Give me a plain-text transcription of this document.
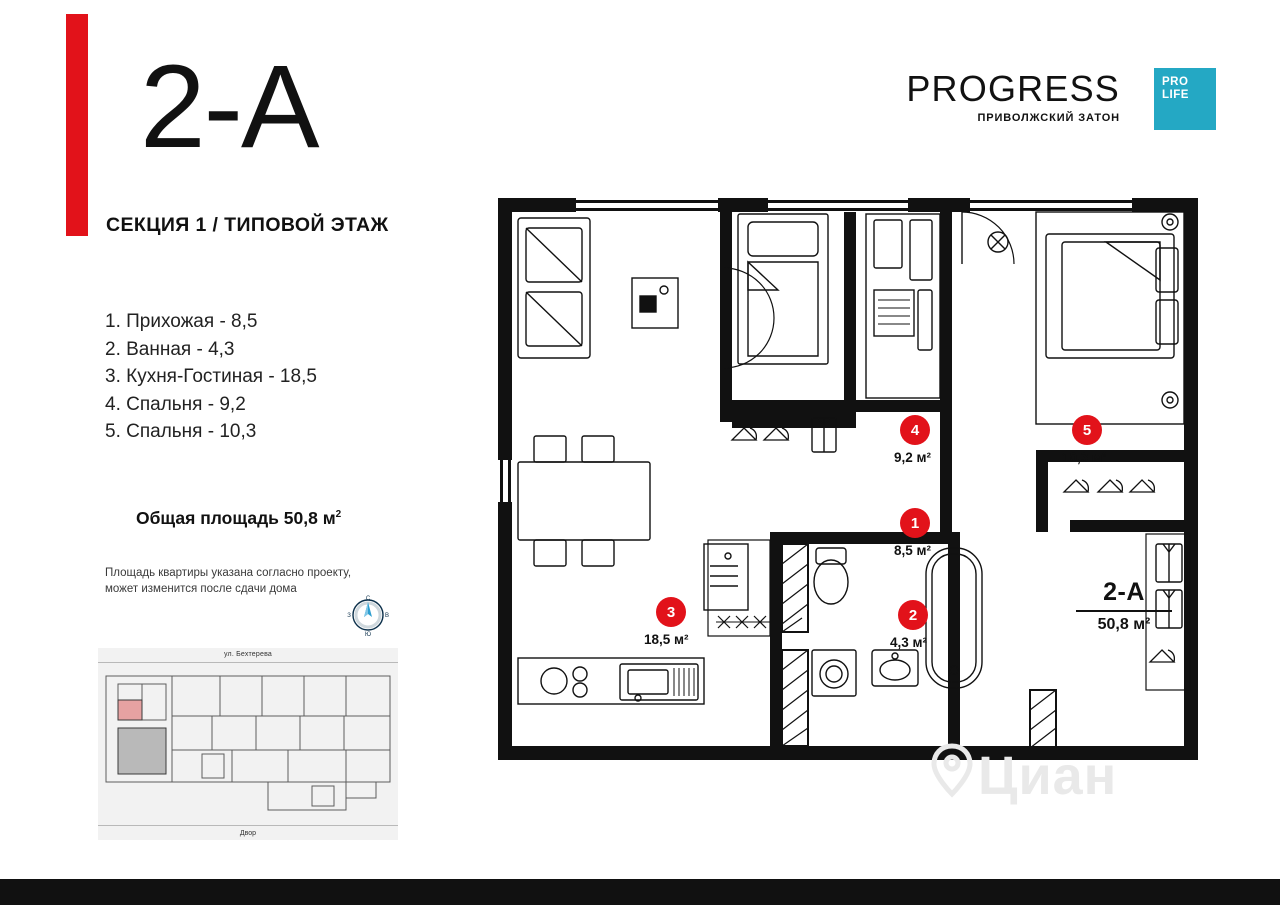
2-А
СЕКЦИЯ 1 / ТИПОВОЙ ЭТАЖ
1. Прихожая - 8,5
2. Ванная - 4,3
3. Кухня-Гостиная - 18,5
4. Спальня - 9,2
5. Спальня - 10,3
Общая площадь 50,8 $м^2$
Площадь квартиры указана согласно проекту,
может изменится после сдачи дома
С
Ю
В
З
PROGRESS
ПРИВОЛЖСКИЙ ЗАТОН
PRO
LIFE
ул. Бехтерева
Двор
4
9,2 м²
5
10,3 м²
1
8,5 м²
3
18,5 м²
2
4,3 м²
2-А
50,8 м²
Циан
